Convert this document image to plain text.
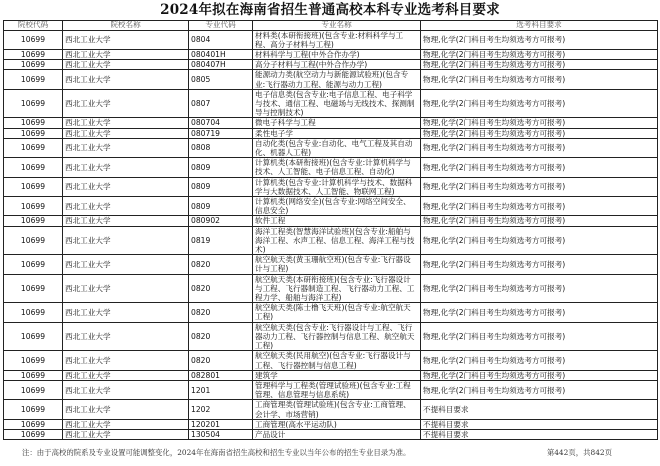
2024年拟在海南省招生普通高校本科专业选考科目要求
院校代码	院校名称	专业代码	专业名称	选考科目要求
10699	西北工业大学	0804	材料类(本研衔接班)(包含专业:材料科学与工程、高分子材料与工程)	物理,化学(2门科目考生均须选考方可报考)
10699	西北工业大学	080401H	材料科学与工程(中外合作办学)	物理,化学(2门科目考生均须选考方可报考)
10699	西北工业大学	080407H	高分子材料与工程(中外合作办学)	物理,化学(2门科目考生均须选考方可报考)
10699	西北工业大学	0805	能源动力类(航空动力与新能源试验班)(包含专业:飞行器动力工程、能源与动力工程)	物理,化学(2门科目考生均须选考方可报考)
10699	西北工业大学	0807	电子信息类(包含专业:电子信息工程、电子科学与技术、通信工程、电磁场与无线技术、探测制导与控制技术)	物理,化学(2门科目考生均须选考方可报考)
10699	西北工业大学	080704	微电子科学与工程	物理,化学(2门科目考生均须选考方可报考)
10699	西北工业大学	080719	柔性电子学	物理,化学(2门科目考生均须选考方可报考)
10699	西北工业大学	0808	自动化类(包含专业:自动化、电气工程及其自动化、机器人工程)	物理,化学(2门科目考生均须选考方可报考)
10699	西北工业大学	0809	计算机类(本研衔接班)(包含专业:计算机科学与技术、人工智能、电子信息工程、自动化)	物理,化学(2门科目考生均须选考方可报考)
10699	西北工业大学	0809	计算机类(包含专业:计算机科学与技术、数据科学与大数据技术、人工智能、物联网工程)	物理,化学(2门科目考生均须选考方可报考)
10699	西北工业大学	0809	计算机类(网络安全)(包含专业:网络空间安全、信息安全)	物理,化学(2门科目考生均须选考方可报考)
10699	西北工业大学	080902	软件工程	物理,化学(2门科目考生均须选考方可报考)
10699	西北工业大学	0819	海洋工程类(智慧海洋试验班)(包含专业:船舶与海洋工程、水声工程、信息工程、海洋工程与技术)	物理,化学(2门科目考生均须选考方可报考)
10699	西北工业大学	0820	航空航天类(黄玉珊航空班)(包含专业:飞行器设计与工程)	物理,化学(2门科目考生均须选考方可报考)
10699	西北工业大学	0820	航空航天类(本研衔接班)(包含专业:飞行器设计与工程、飞行器制造工程、飞行器动力工程、工程力学、船舶与海洋工程)	物理,化学(2门科目考生均须选考方可报考)
10699	西北工业大学	0820	航空航天类(陈士橹飞天班)(包含专业:航空航天工程)	物理,化学(2门科目考生均须选考方可报考)
10699	西北工业大学	0820	航空航天类(包含专业:飞行器设计与工程、飞行器动力工程、飞行器控制与信息工程、航空航天工程)	物理,化学(2门科目考生均须选考方可报考)
10699	西北工业大学	0820	航空航天类(民用航空)(包含专业:飞行器设计与工程、飞行器控制与信息工程)	物理,化学(2门科目考生均须选考方可报考)
10699	西北工业大学	082801	建筑学	物理,化学(2门科目考生均须选考方可报考)
10699	西北工业大学	1201	管理科学与工程类(管理试验班)(包含专业:工程管理、信息管理与信息系统)	物理,化学(2门科目考生均须选考方可报考)
10699	西北工业大学	1202	工商管理类(管理试验班)(包含专业:工商管理、会计学、市场营销)	不提科目要求
10699	西北工业大学	120201	工商管理(高水平运动队)	不提科目要求
10699	西北工业大学	130504	产品设计	不提科目要求
注：由于高校的院系及专业设置可能调整变化，2024年在海南省招生高校和招生专业以当年公布的招生专业目录为准。	第442页，共842页
